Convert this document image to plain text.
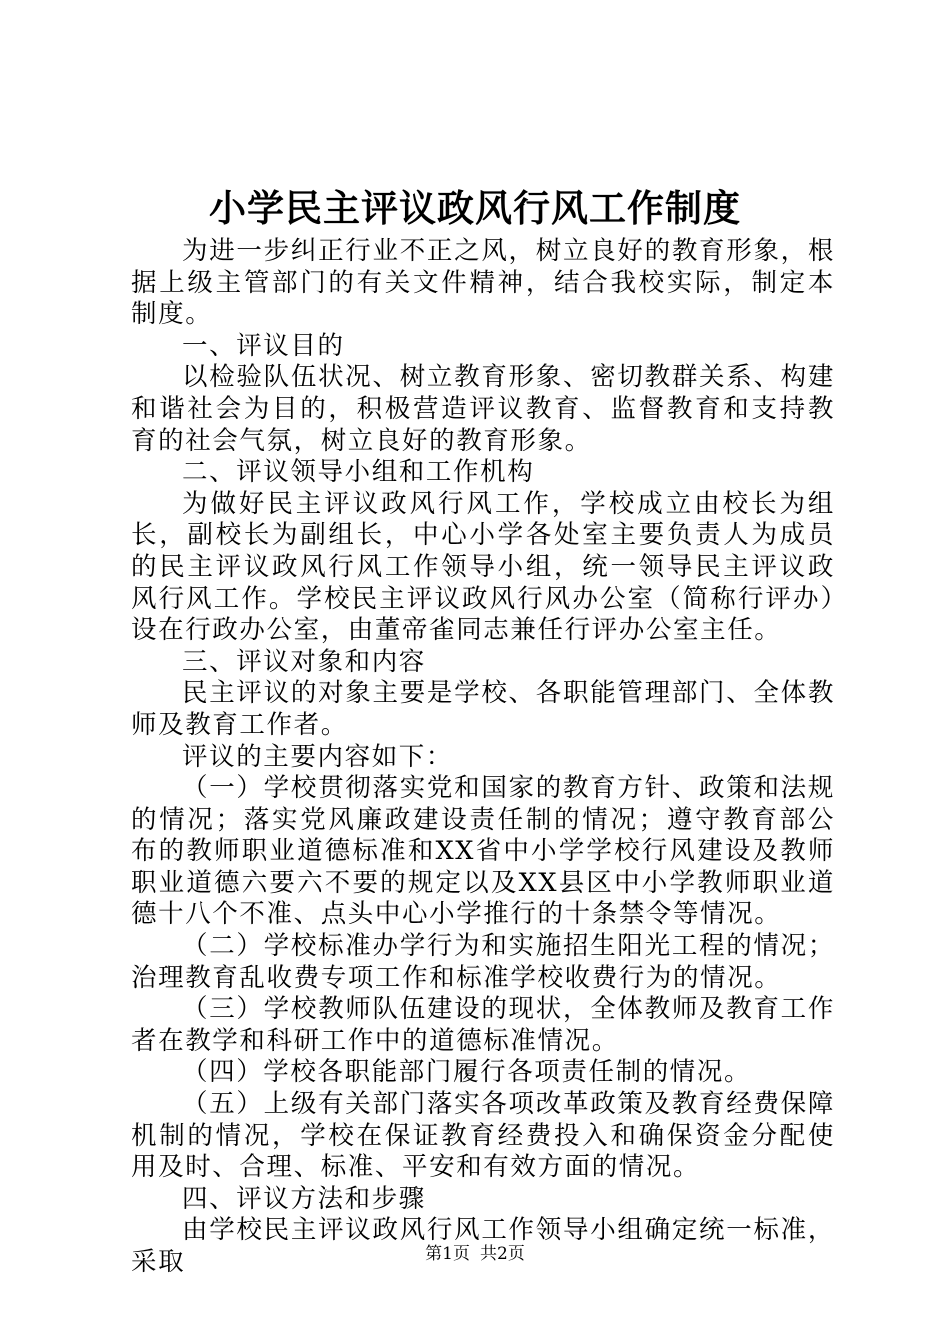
小学民主评议政风行风工作制度

为进一步纠正行业不正之风，树立良好的教育形象，根据上级主管部门的有关文件精神，结合我校实际，制定本制度。

一、评议目的

以检验队伍状况、树立教育形象、密切教群关系、构建和谐社会为目的，积极营造评议教育、监督教育和支持教育的社会气氛，树立良好的教育形象。

二、评议领导小组和工作机构

为做好民主评议政风行风工作，学校成立由校长为组长，副校长为副组长，中心小学各处室主要负责人为成员的民主评议政风行风工作领导小组，统一领导民主评议政风行风工作。学校民主评议政风行风办公室（简称行评办）设在行政办公室，由董帝雀同志兼任行评办公室主任。

三、评议对象和内容

民主评议的对象主要是学校、各职能管理部门、全体教师及教育工作者。

评议的主要内容如下：

（一）学校贯彻落实党和国家的教育方针、政策和法规的情况；落实党风廉政建设责任制的情况；遵守教育部公布的教师职业道德标准和XX省中小学学校行风建设及教师职业道德六要六不要的规定以及XX县区中小学教师职业道德十八个不准、点头中心小学推行的十条禁令等情况。

（二）学校标准办学行为和实施招生阳光工程的情况；治理教育乱收费专项工作和标准学校收费行为的情况。

（三）学校教师队伍建设的现状，全体教师及教育工作者在教学和科研工作中的道德标准情况。

（四）学校各职能部门履行各项责任制的情况。

（五）上级有关部门落实各项改革政策及教育经费保障机制的情况，学校在保证教育经费投入和确保资金分配使用及时、合理、标准、平安和有效方面的情况。

四、评议方法和步骤

由学校民主评议政风行风工作领导小组确定统一标准，采取	第1页 共2页
